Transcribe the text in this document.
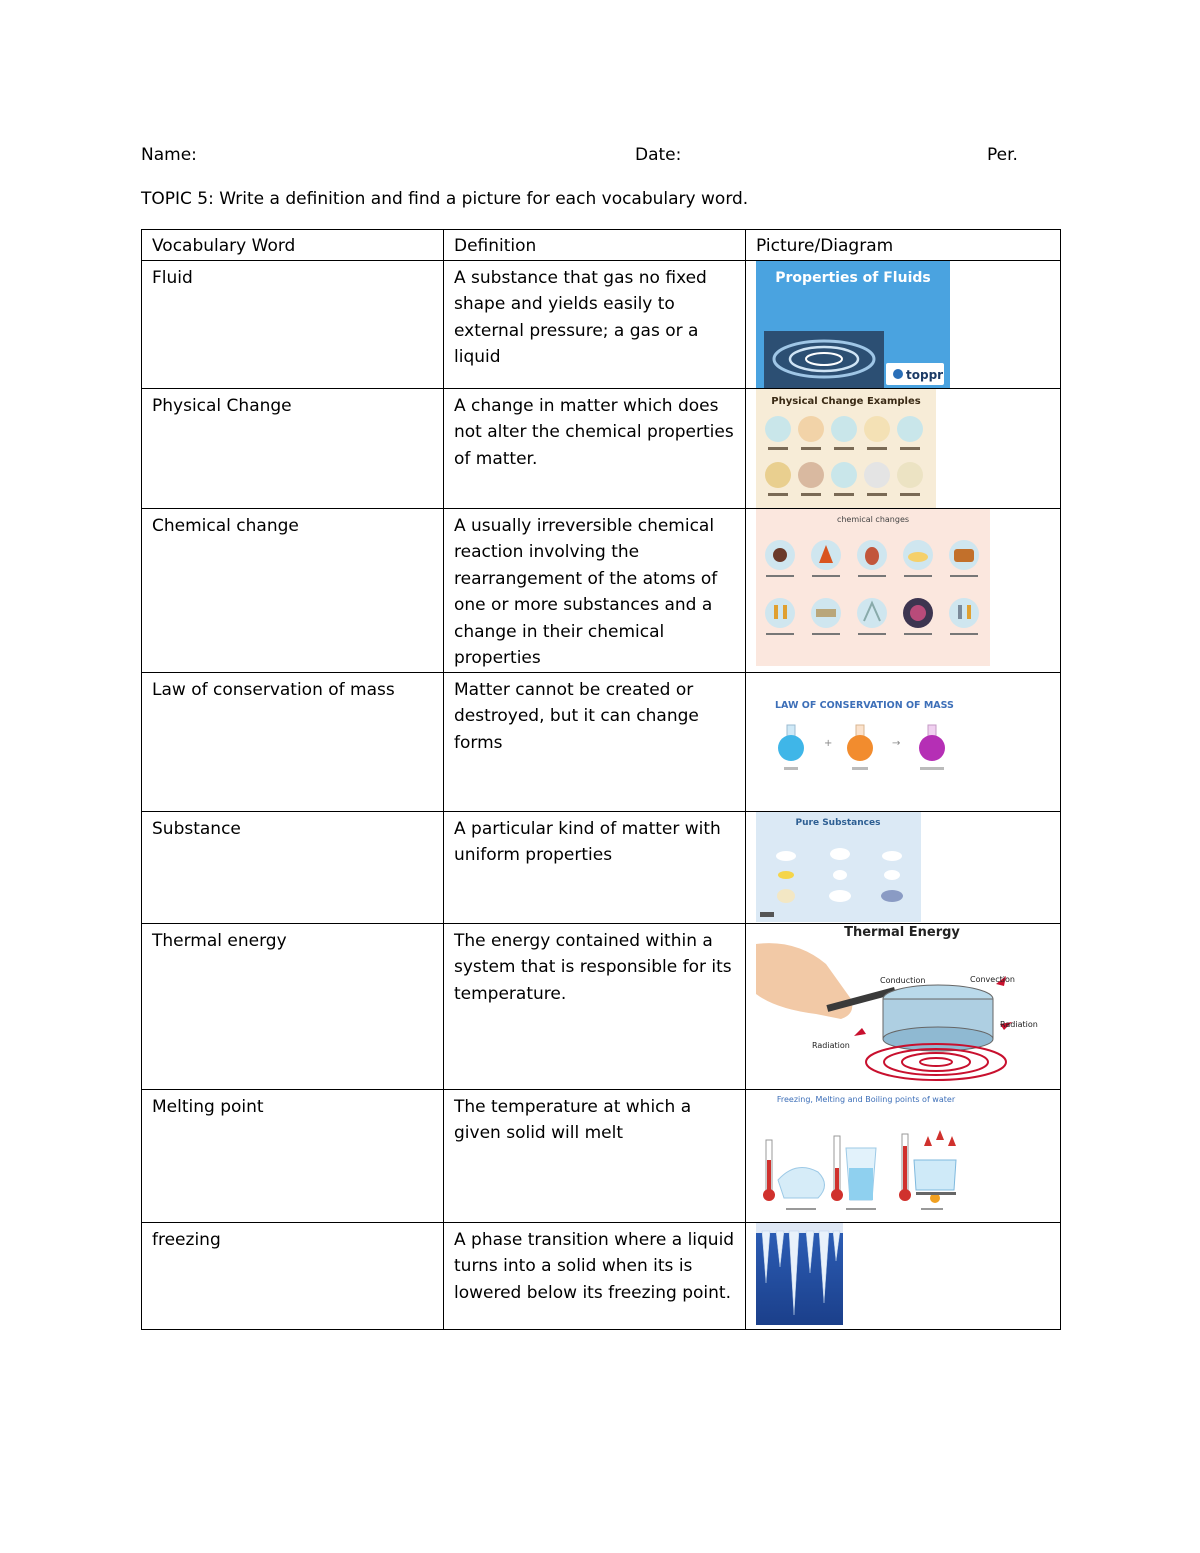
Name:	Date:	Per.
TOPIC 5: Write a definition and find a picture for each vocabulary word.
Vocabulary Word	Definition	Picture/Diagram
Fluid	A substance that gas no fixed shape and yields easily to external pressure; a gas or a liquid	Properties of Fluids
toppr

Physical Change	A change in matter which does not alter the chemical properties of matter.	Physical Change Examples

Chemical change	A usually irreversible chemical reaction involving the rearrangement of the atoms of one or more substances and a change in their chemical properties	chemical changes

Law of conservation of mass	Matter cannot be created or destroyed, but it can change forms	LAW OF CONSERVATION OF MASS
+ →

Substance	A particular kind of matter with uniform properties	Pure Substances

Thermal energy	The energy contained within a system that is responsible for its temperature.	Thermal Energy
Conduction Convection
Radiation
Radiation

Melting point	The temperature at which a given solid will melt	Freezing, Melting and Boiling points of water

freezing	A phase transition where a liquid turns into a solid when its is lowered below its freezing point.	
